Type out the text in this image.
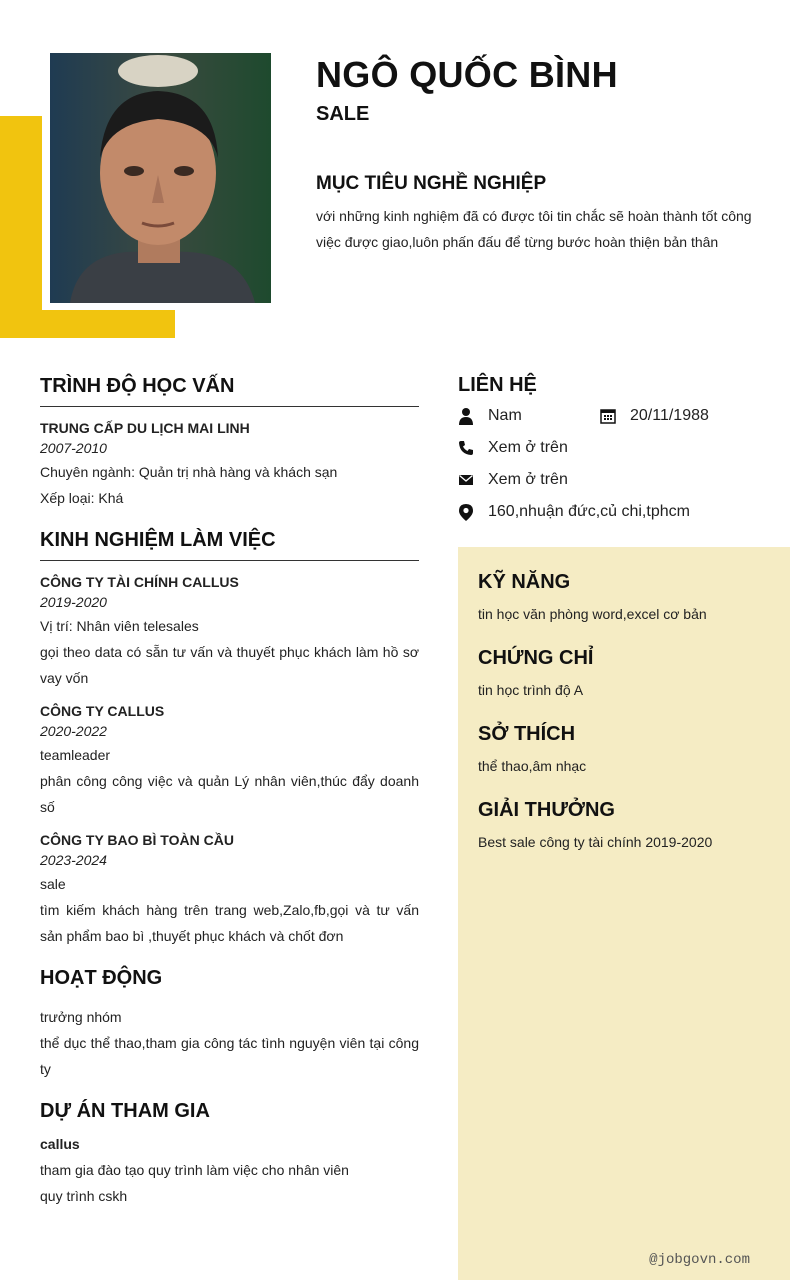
NGÔ QUỐC BÌNH
SALE
MỤC TIÊU NGHỀ NGHIỆP
với những kinh nghiệm đã có được tôi tin chắc sẽ hoàn thành tốt công việc được giao,luôn phấn đấu để từng bước hoàn thiện bản thân
TRÌNH ĐỘ HỌC VẤN
TRUNG CẤP DU LỊCH MAI LINH
2007-2010
Chuyên ngành: Quản trị nhà hàng và khách sạn
Xếp loại: Khá
KINH NGHIỆM LÀM VIỆC
CÔNG TY TÀI CHÍNH CALLUS
2019-2020
Vị trí: Nhân viên telesales
gọi theo data có sẵn tư vấn và thuyết phục khách làm hồ sơ vay vốn
CÔNG TY CALLUS
2020-2022
teamleader
phân công công việc và quản Lý nhân viên,thúc đẩy doanh số
CÔNG TY BAO BÌ TOÀN CẦU
2023-2024
sale
tìm kiếm khách hàng trên trang web,Zalo,fb,gọi và tư vấn sản phẩm bao bì ,thuyết phục khách và chốt đơn
HOẠT ĐỘNG
trưởng nhóm
thể dục thể thao,tham gia công tác tình nguyện viên tại công ty
DỰ ÁN THAM GIA
callus
tham gia đào tạo quy trình làm việc cho nhân viên
quy trình cskh
LIÊN HỆ
Nam	20/11/1988
Xem ở trên
Xem ở trên
160,nhuận đức,củ chi,tphcm
KỸ NĂNG
tin học văn phòng word,excel cơ bản
CHỨNG CHỈ
tin học trình độ A
SỞ THÍCH
thể thao,âm nhạc
GIẢI THƯỞNG
Best sale công ty tài chính 2019-2020
@jobgovn.com
